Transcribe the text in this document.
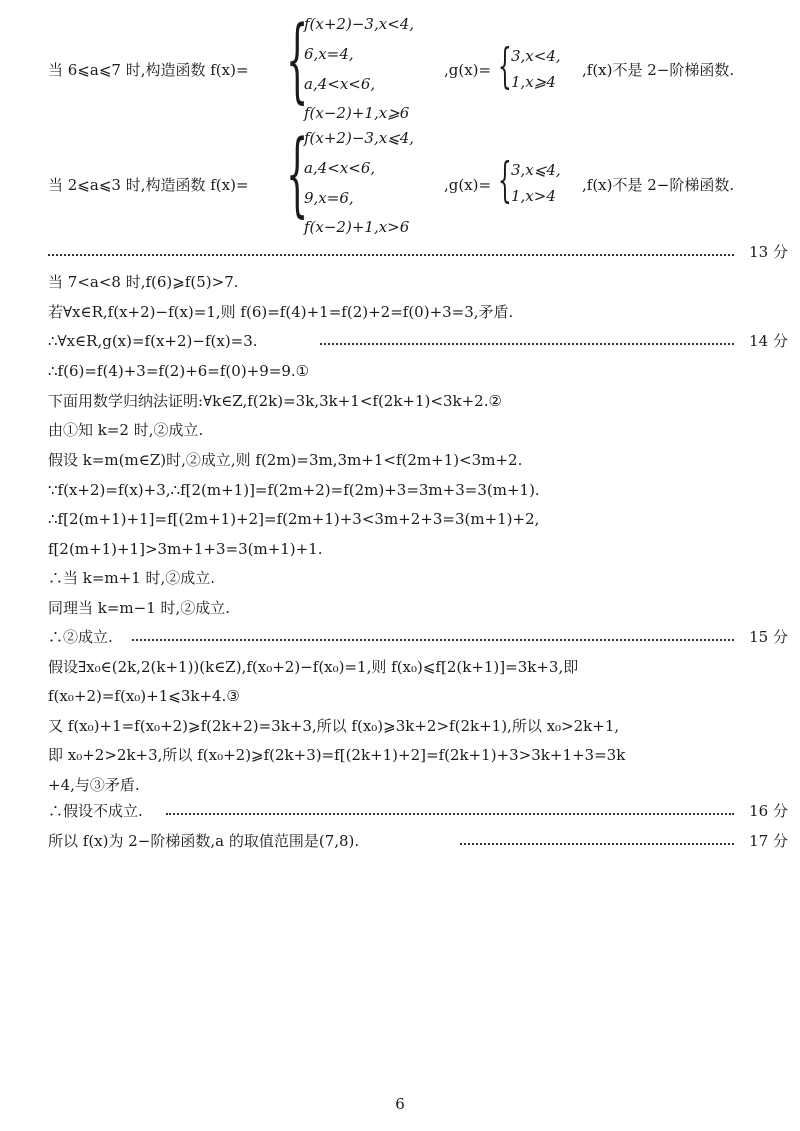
当 6⩽a⩽7 时,构造函数 f(x)= {
f(x+2)−3,x<4,
6,x=4,
a,4<x<6,
f(x−2)+1,x⩾6
,g(x)= { 3,x<4,
1,x⩾4
,f(x)不是 2−阶梯函数.
当 2⩽a⩽3 时,构造函数 f(x)= {
f(x+2)−3,x⩽4,
a,4<x<6,
9,x=6,
f(x−2)+1,x>6
,g(x)= { 3,x⩽4,
1,x>4
,f(x)不是 2−阶梯函数.
13 分
当 7<a<8 时,f(6)⩾f(5)>7.
若∀x∈R,f(x+2)−f(x)=1,则 f(6)=f(4)+1=f(2)+2=f(0)+3=3,矛盾.
∴∀x∈R,g(x)=f(x+2)−f(x)=3.	14 分
∴f(6)=f(4)+3=f(2)+6=f(0)+9=9.①
下面用数学归纳法证明:∀k∈Z,f(2k)=3k,3k+1<f(2k+1)<3k+2.②
由①知 k=2 时,②成立.
假设 k=m(m∈Z)时,②成立,则 f(2m)=3m,3m+1<f(2m+1)<3m+2.
∵f(x+2)=f(x)+3,∴f[2(m+1)]=f(2m+2)=f(2m)+3=3m+3=3(m+1).
∴f[2(m+1)+1]=f[(2m+1)+2]=f(2m+1)+3<3m+2+3=3(m+1)+2,
f[2(m+1)+1]>3m+1+3=3(m+1)+1.
∴当 k=m+1 时,②成立.
同理当 k=m−1 时,②成立.
∴②成立.	15 分
假设∃x₀∈(2k,2(k+1))(k∈Z),f(x₀+2)−f(x₀)=1,则 f(x₀)⩽f[2(k+1)]=3k+3,即
f(x₀+2)=f(x₀)+1⩽3k+4.③
又 f(x₀)+1=f(x₀+2)⩾f(2k+2)=3k+3,所以 f(x₀)⩾3k+2>f(2k+1),所以 x₀>2k+1,
即 x₀+2>2k+3,所以 f(x₀+2)⩾f(2k+3)=f[(2k+1)+2]=f(2k+1)+3>3k+1+3=3k
+4,与③矛盾.
∴假设不成立.	16 分
所以 f(x)为 2−阶梯函数,a 的取值范围是(7,8).	17 分
6
